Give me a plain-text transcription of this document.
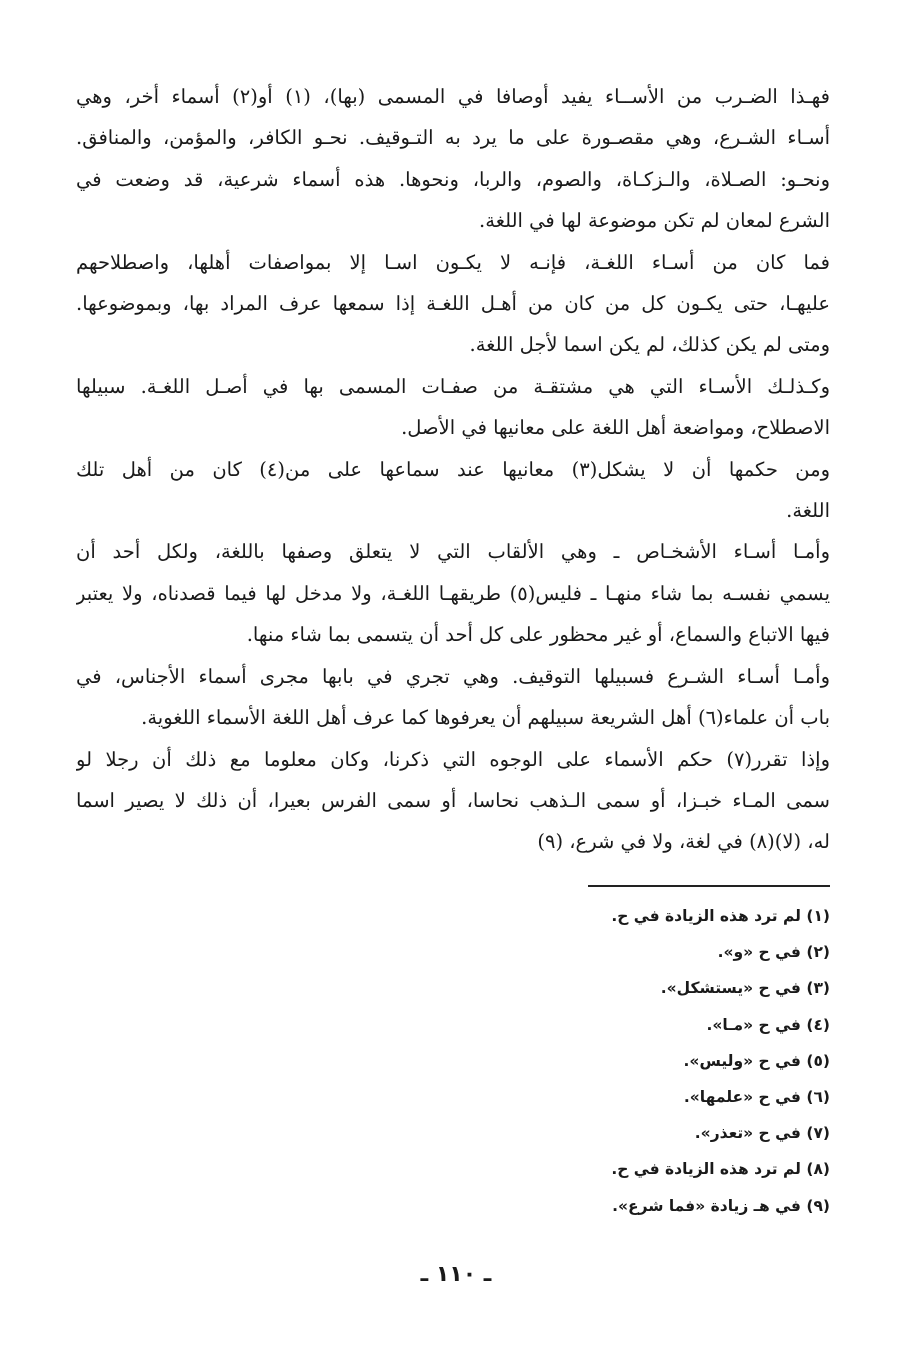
فهـذا الضـرب من الأســاء يفيد أوصافا في المسمى (بها)، (١) أو(٢) أسماء أخر، وهي
أسـاء الشـرع، وهي مقصـورة على ما يرد به التـوقيف. نحـو الكافر، والمؤمن، والمنافق.
ونحـو: الصـلاة، والـزكـاة، والصوم، والربا، ونحوها. هذه أسماء شرعية، قد وضعت في
الشرع لمعان لم تكن موضوعة لها في اللغة.
فما كان من أسـاء اللغـة، فإنـه لا يكـون اسـا إلا بمواصفات أهلها، واصطلاحهم
عليهـا، حتى يكـون كل من كان من أهـل اللغـة إذا سمعها عرف المراد بها، وبموضوعها.
ومتى لم يكن كذلك، لم يكن اسما لأجل اللغة.
وكـذلـك الأسـاء التي هي مشتقـة من صفـات المسمى بها في أصـل اللغـة. سبيلها
الاصطلاح، ومواضعة أهل اللغة على معانيها في الأصل.
ومن حكمها أن لا يشكل(٣) معانيها عند سماعها على من(٤) كان من أهل تلك
اللغة.
وأمـا أسـاء الأشخـاص ـ وهي الألقاب التي لا يتعلق وصفها باللغة، ولكل أحد أن
يسمي نفسـه بما شاء منهـا ـ فليس(٥) طريقهـا اللغـة، ولا مدخل لها فيما قصدناه، ولا يعتبر
فيها الاتباع والسماع، أو غير محظور على كل أحد أن يتسمى بما شاء منها.
وأمـا أسـاء الشـرع فسبيلها التوقيف. وهي تجري في بابها مجرى أسماء الأجناس، في
باب أن علماء(٦) أهل الشريعة سبيلهم أن يعرفوها كما عرف أهل اللغة الأسماء اللغوية.
وإذا تقرر(٧) حكم الأسماء على الوجوه التي ذكرنا، وكان معلوما مع ذلك أن رجلا لو
سمى المـاء خبـزا، أو سمى الـذهب نحاسا، أو سمى الفرس بعيرا، أن ذلك لا يصير اسما
له، (لا)(٨) في لغة، ولا في شرع، (٩)
(١) لم ترد هذه الزيادة في ح.
(٢) في ح «و».
(٣) في ح «يستشكل».
(٤) في ح «مـا».
(٥) في ح «وليس».
(٦) في ح «علمها».
(٧) في ح «تعذر».
(٨) لم ترد هذه الزيادة في ح.
(٩) في هـ زيادة «فما شرع».
ـ ١١٠ ـ
